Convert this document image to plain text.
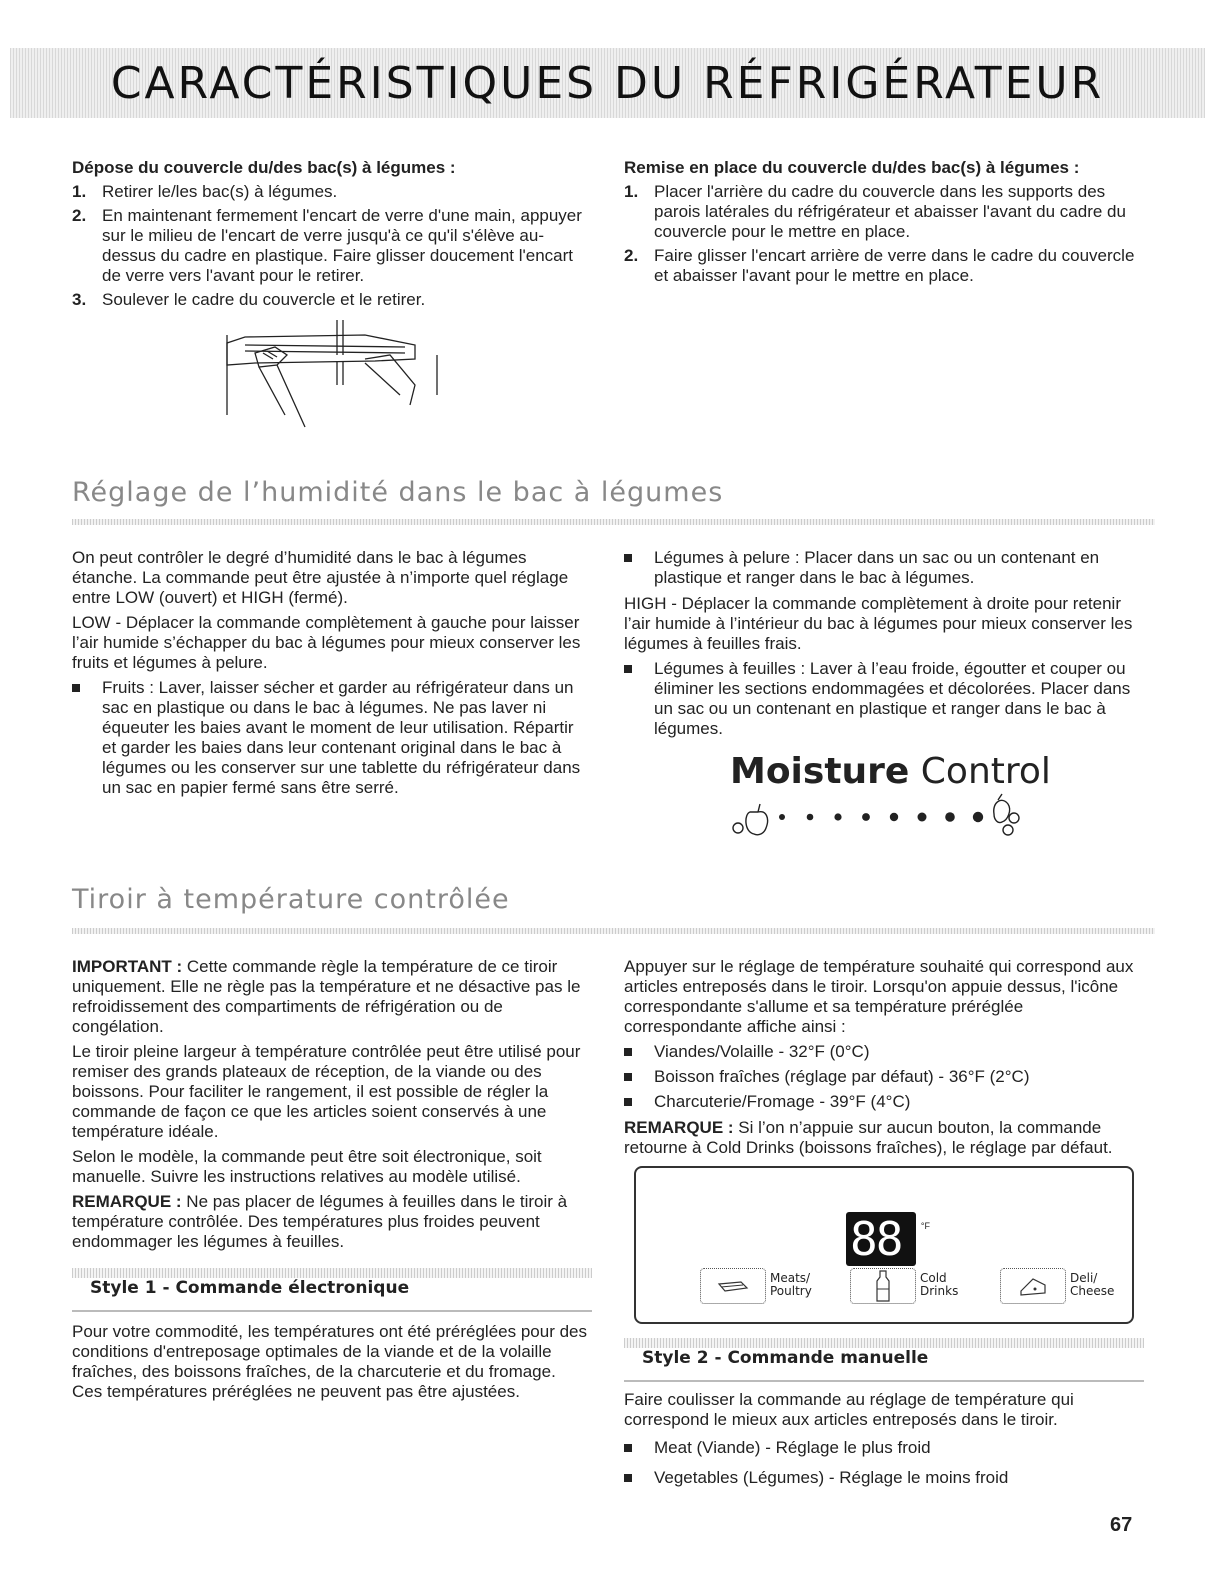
CARACTÉRISTIQUES DU RÉFRIGÉRATEUR
Dépose du couvercle du/des bac(s) à légumes :
1. Retirer le/les bac(s) à légumes.
2. En maintenant fermement l'encart de verre d'une main, appuyer sur le milieu de l'encart de verre jusqu'à ce qu'il s'élève au-dessus du cadre en plastique. Faire glisser doucement l'encart de verre vers l'avant pour le retirer.
3. Soulever le cadre du couvercle et le retirer.
Remise en place du couvercle du/des bac(s) à légumes :
1. Placer l'arrière du cadre du couvercle dans les supports des parois latérales du réfrigérateur et abaisser l'avant du cadre du couvercle pour le mettre en place.
2. Faire glisser l'encart arrière de verre dans le cadre du couvercle et abaisser l'avant pour le mettre en place.
Réglage de l’humidité dans le bac à légumes

On peut contrôler le degré d’humidité dans le bac à légumes étanche. La commande peut être ajustée à n’importe quel réglage entre LOW (ouvert) et HIGH (fermé).

LOW - Déplacer la commande complètement à gauche pour laisser l’air humide s’échapper du bac à légumes pour mieux conserver les fruits et légumes à pelure.

Fruits : Laver, laisser sécher et garder au réfrigérateur dans un sac en plastique ou dans le bac à légumes. Ne pas laver ni équeuter les baies avant le moment de leur utilisation. Répartir et garder les baies dans leur contenant original dans le bac à légumes ou les conserver sur une tablette du réfrigérateur dans un sac en papier fermé sans être serré.
Légumes à pelure : Placer dans un sac ou un contenant en plastique et ranger dans le bac à légumes.

HIGH - Déplacer la commande complètement à droite pour retenir l’air humide à l’intérieur du bac à légumes pour mieux conserver les légumes à feuilles frais.

Légumes à feuilles : Laver à l’eau froide, égoutter et couper ou éliminer les sections endommagées et décolorées. Placer dans un sac ou un contenant en plastique et ranger dans le bac à légumes.
Moisture Control
Tiroir à température contrôlée

IMPORTANT : Cette commande règle la température de ce tiroir uniquement. Elle ne règle pas la température et ne désactive pas le refroidissement des compartiments de réfrigération ou de congélation.

Le tiroir pleine largeur à température contrôlée peut être utilisé pour remiser des grands plateaux de réception, de la viande ou des boissons. Pour faciliter le rangement, il est possible de régler la commande de façon ce que les articles soient conservés à une température idéale.

Selon le modèle, la commande peut être soit électronique, soit manuelle. Suivre les instructions relatives au modèle utilisé.

REMARQUE : Ne pas placer de légumes à feuilles dans le tiroir à température contrôlée. Des températures plus froides peuvent endommager les légumes à feuilles.

Style 1 - Commande électronique
Pour votre commodité, les températures ont été préréglées pour des conditions d'entreposage optimales de la viande et de la volaille fraîches, des boissons fraîches, de la charcuterie et du fromage. Ces températures préréglées ne peuvent pas être ajustées.

Appuyer sur le réglage de température souhaité qui correspond aux articles entreposés dans le tiroir. Lorsqu'on appuie dessus, l'icône correspondante s'allume et sa température préréglée correspondante affiche ainsi :

Viandes/Volaille - 32°F (0°C)
Boisson fraîches (réglage par défaut) - 36°F (2°C)
Charcuterie/Fromage - 39°F (4°C)

REMARQUE : Si l’on n’appuie sur aucun bouton, la commande retourne à Cold Drinks (boissons fraîches), le réglage par défaut.

88 °F
Meats/
Poultry
Cold
Drinks
Deli/
Cheese
Style 2 - Commande manuelle

Faire coulisser la commande au réglage de température qui correspond le mieux aux articles entreposés dans le tiroir.

Meat (Viande) - Réglage le plus froid
Vegetables (Légumes) - Réglage le moins froid
67
